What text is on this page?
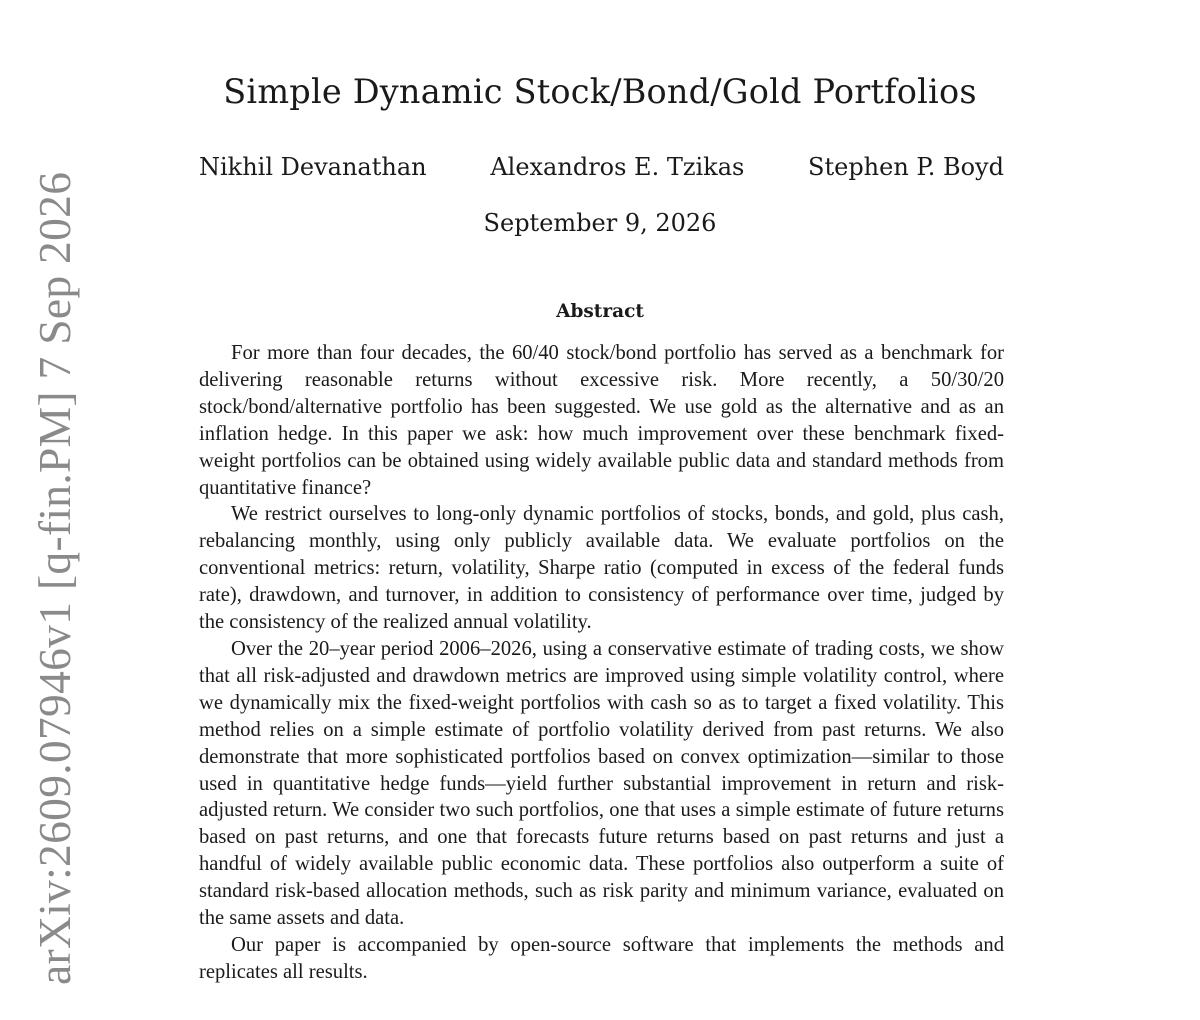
arXiv:2609.07946v1 [q-fin.PM] 7 Sep 2026
Simple Dynamic Stock/Bond/Gold Portfolios
Nikhil Devanathan	Alexandros E. Tzikas	Stephen P. Boyd
September 9, 2026
Abstract

For more than four decades, the 60/40 stock/bond portfolio has served as a benchmark for delivering reasonable returns without excessive risk. More recently, a 50/30/20 stock/bond/alternative portfolio has been suggested. We use gold as the alternative and as an inflation hedge. In this paper we ask: how much improvement over these benchmark fixed-weight portfolios can be obtained using widely available public data and standard methods from quantitative finance?

We restrict ourselves to long-only dynamic portfolios of stocks, bonds, and gold, plus cash, rebalancing monthly, using only publicly available data. We evaluate portfolios on the conventional metrics: return, volatility, Sharpe ratio (computed in excess of the federal funds rate), drawdown, and turnover, in addition to consistency of performance over time, judged by the consistency of the realized annual volatility.

Over the 20–year period 2006–2026, using a conservative estimate of trading costs, we show that all risk-adjusted and drawdown metrics are improved using simple volatility control, where we dynamically mix the fixed-weight portfolios with cash so as to target a fixed volatility. This method relies on a simple estimate of portfolio volatility derived from past returns. We also demonstrate that more sophisticated portfolios based on convex optimization—similar to those used in quantitative hedge funds—yield further substantial improvement in return and risk-adjusted return. We consider two such portfolios, one that uses a simple estimate of future returns based on past returns, and one that forecasts future returns based on past returns and just a handful of widely available public economic data. These portfolios also outperform a suite of standard risk-based allocation methods, such as risk parity and minimum variance, evaluated on the same assets and data.

Our paper is accompanied by open-source software that implements the methods and replicates all results.
